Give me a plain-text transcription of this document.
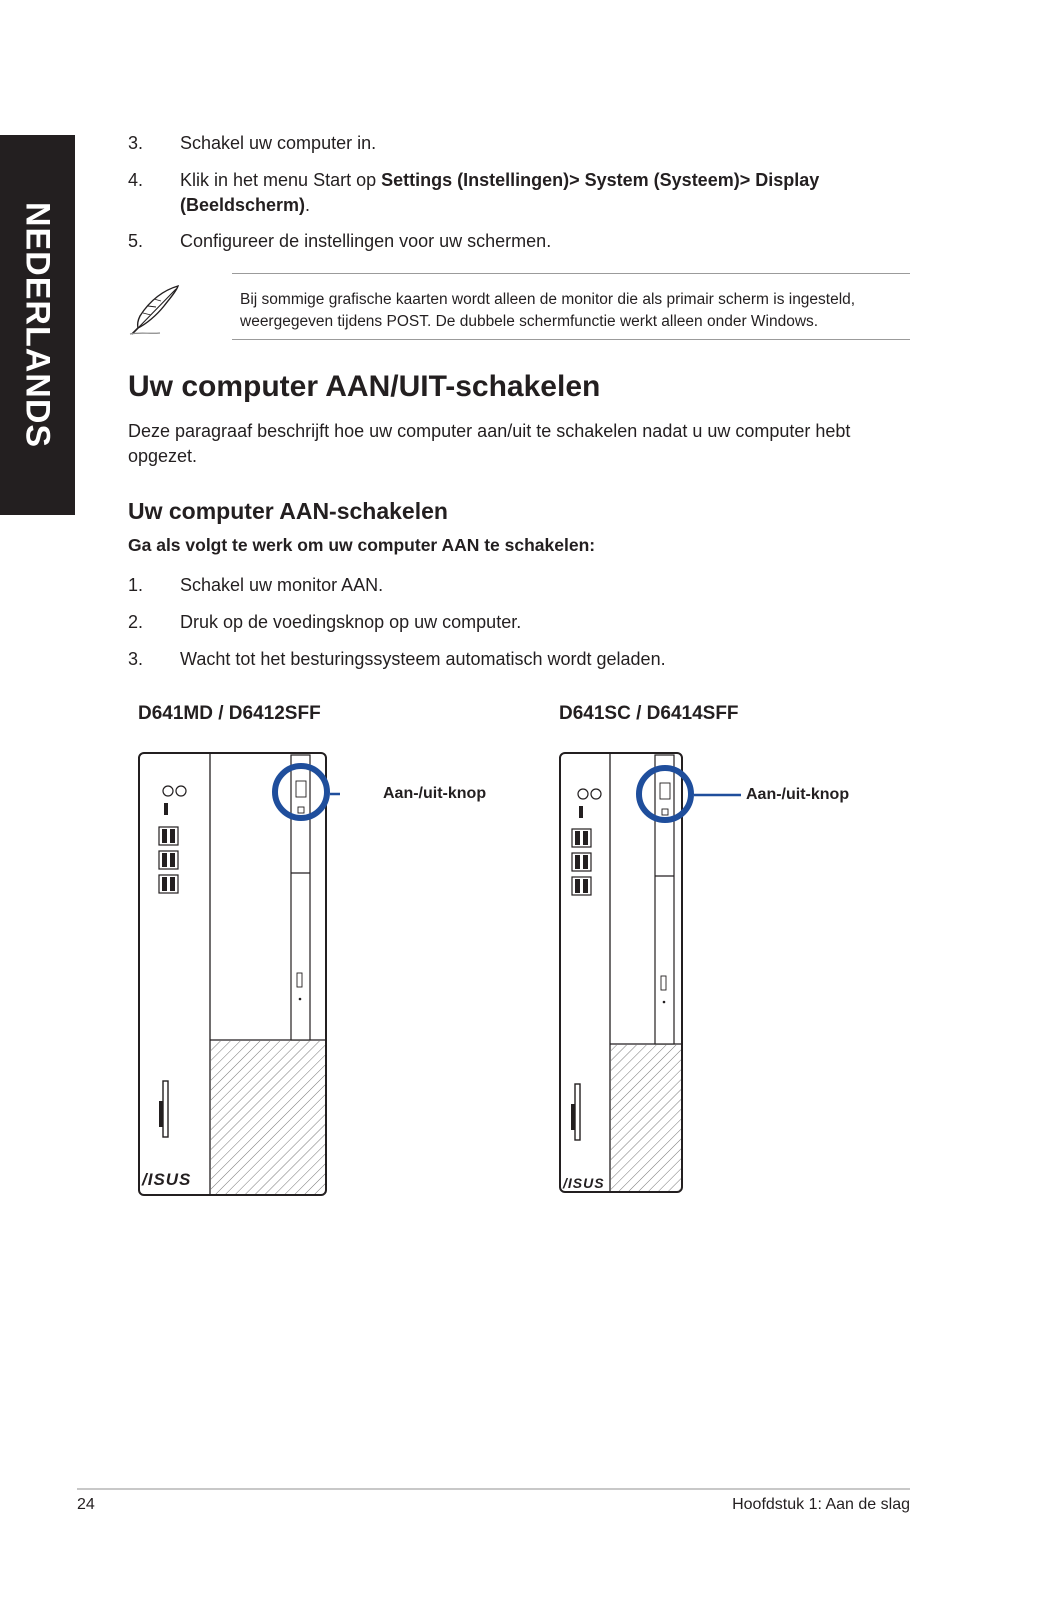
NEDERLANDS
3.	Schakel uw computer in.
4.	Klik in het menu Start op Settings (Instellingen)> System (Systeem)> Display (Beeldscherm).
5.	Configureer de instellingen voor uw schermen.
Bij sommige grafische kaarten wordt alleen de monitor die als primair scherm is ingesteld, weergegeven tijdens POST. De dubbele schermfunctie werkt alleen onder Windows.
Uw computer AAN/UIT-schakelen
Deze paragraaf beschrijft hoe uw computer aan/uit te schakelen nadat u uw computer hebt opgezet.
Uw computer AAN-schakelen
Ga als volgt te werk om uw computer AAN te schakelen:
1.	Schakel uw monitor AAN.
2.	Druk op de voedingsknop op uw computer.
3.	Wacht tot het besturingssysteem automatisch wordt geladen.
D641MD / D6412SFF
/ISUS
Aan-/uit-knop
D641SC / D6414SFF
/ISUS
Aan-/uit-knop
24	Hoofdstuk 1: Aan de slag
